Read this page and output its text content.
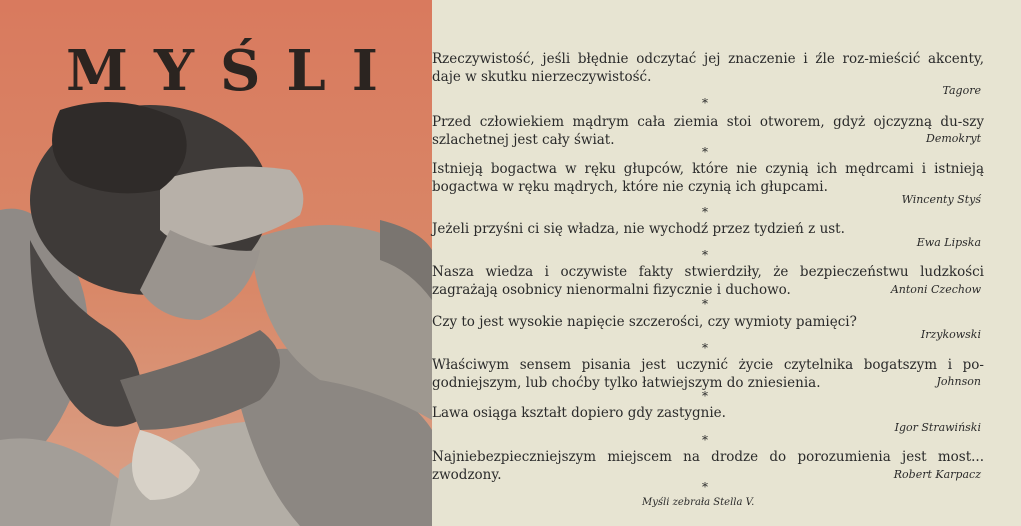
MYŚLI Rzeczywistość, jeśli błędnie odczytać jej znaczenie i źle roz-mieścić akcenty, daje w skutku nierzeczywistość.
Tagore
*
Przed człowiekiem mądrym cała ziemia stoi otworem, gdyż ojczyzną du-szy szlachetnej jest cały świat.	Demokryt
*
Istnieją bogactwa w ręku głupców, które nie czynią ich mędrcami i istnieją bogactwa w ręku mądrych, które nie czynią ich głupcami.
Wincenty Styś
*
Jeżeli przyśni ci się władza, nie wychodź przez tydzień z ust.
Ewa Lipska
*
Nasza wiedza i oczywiste fakty stwierdziły, że bezpieczeństwu ludzkości zagrażają osobnicy nienormalni fizycznie i duchowo.	Antoni Czechow
*
Czy to jest wysokie napięcie szczerości, czy wymioty pamięci?
Irzykowski
*
Właściwym sensem pisania jest uczynić życie czytelnika bogatszym i po-godniejszym, lub choćby tylko łatwiejszym do zniesienia.	Johnson
*
Lawa osiąga kształt dopiero gdy zastygnie.
Igor Strawiński
*
Najniebezpieczniejszym miejscem na drodze do porozumienia jest most... zwodzony.	Robert Karpacz
*
Myśli zebrała Stella V.
